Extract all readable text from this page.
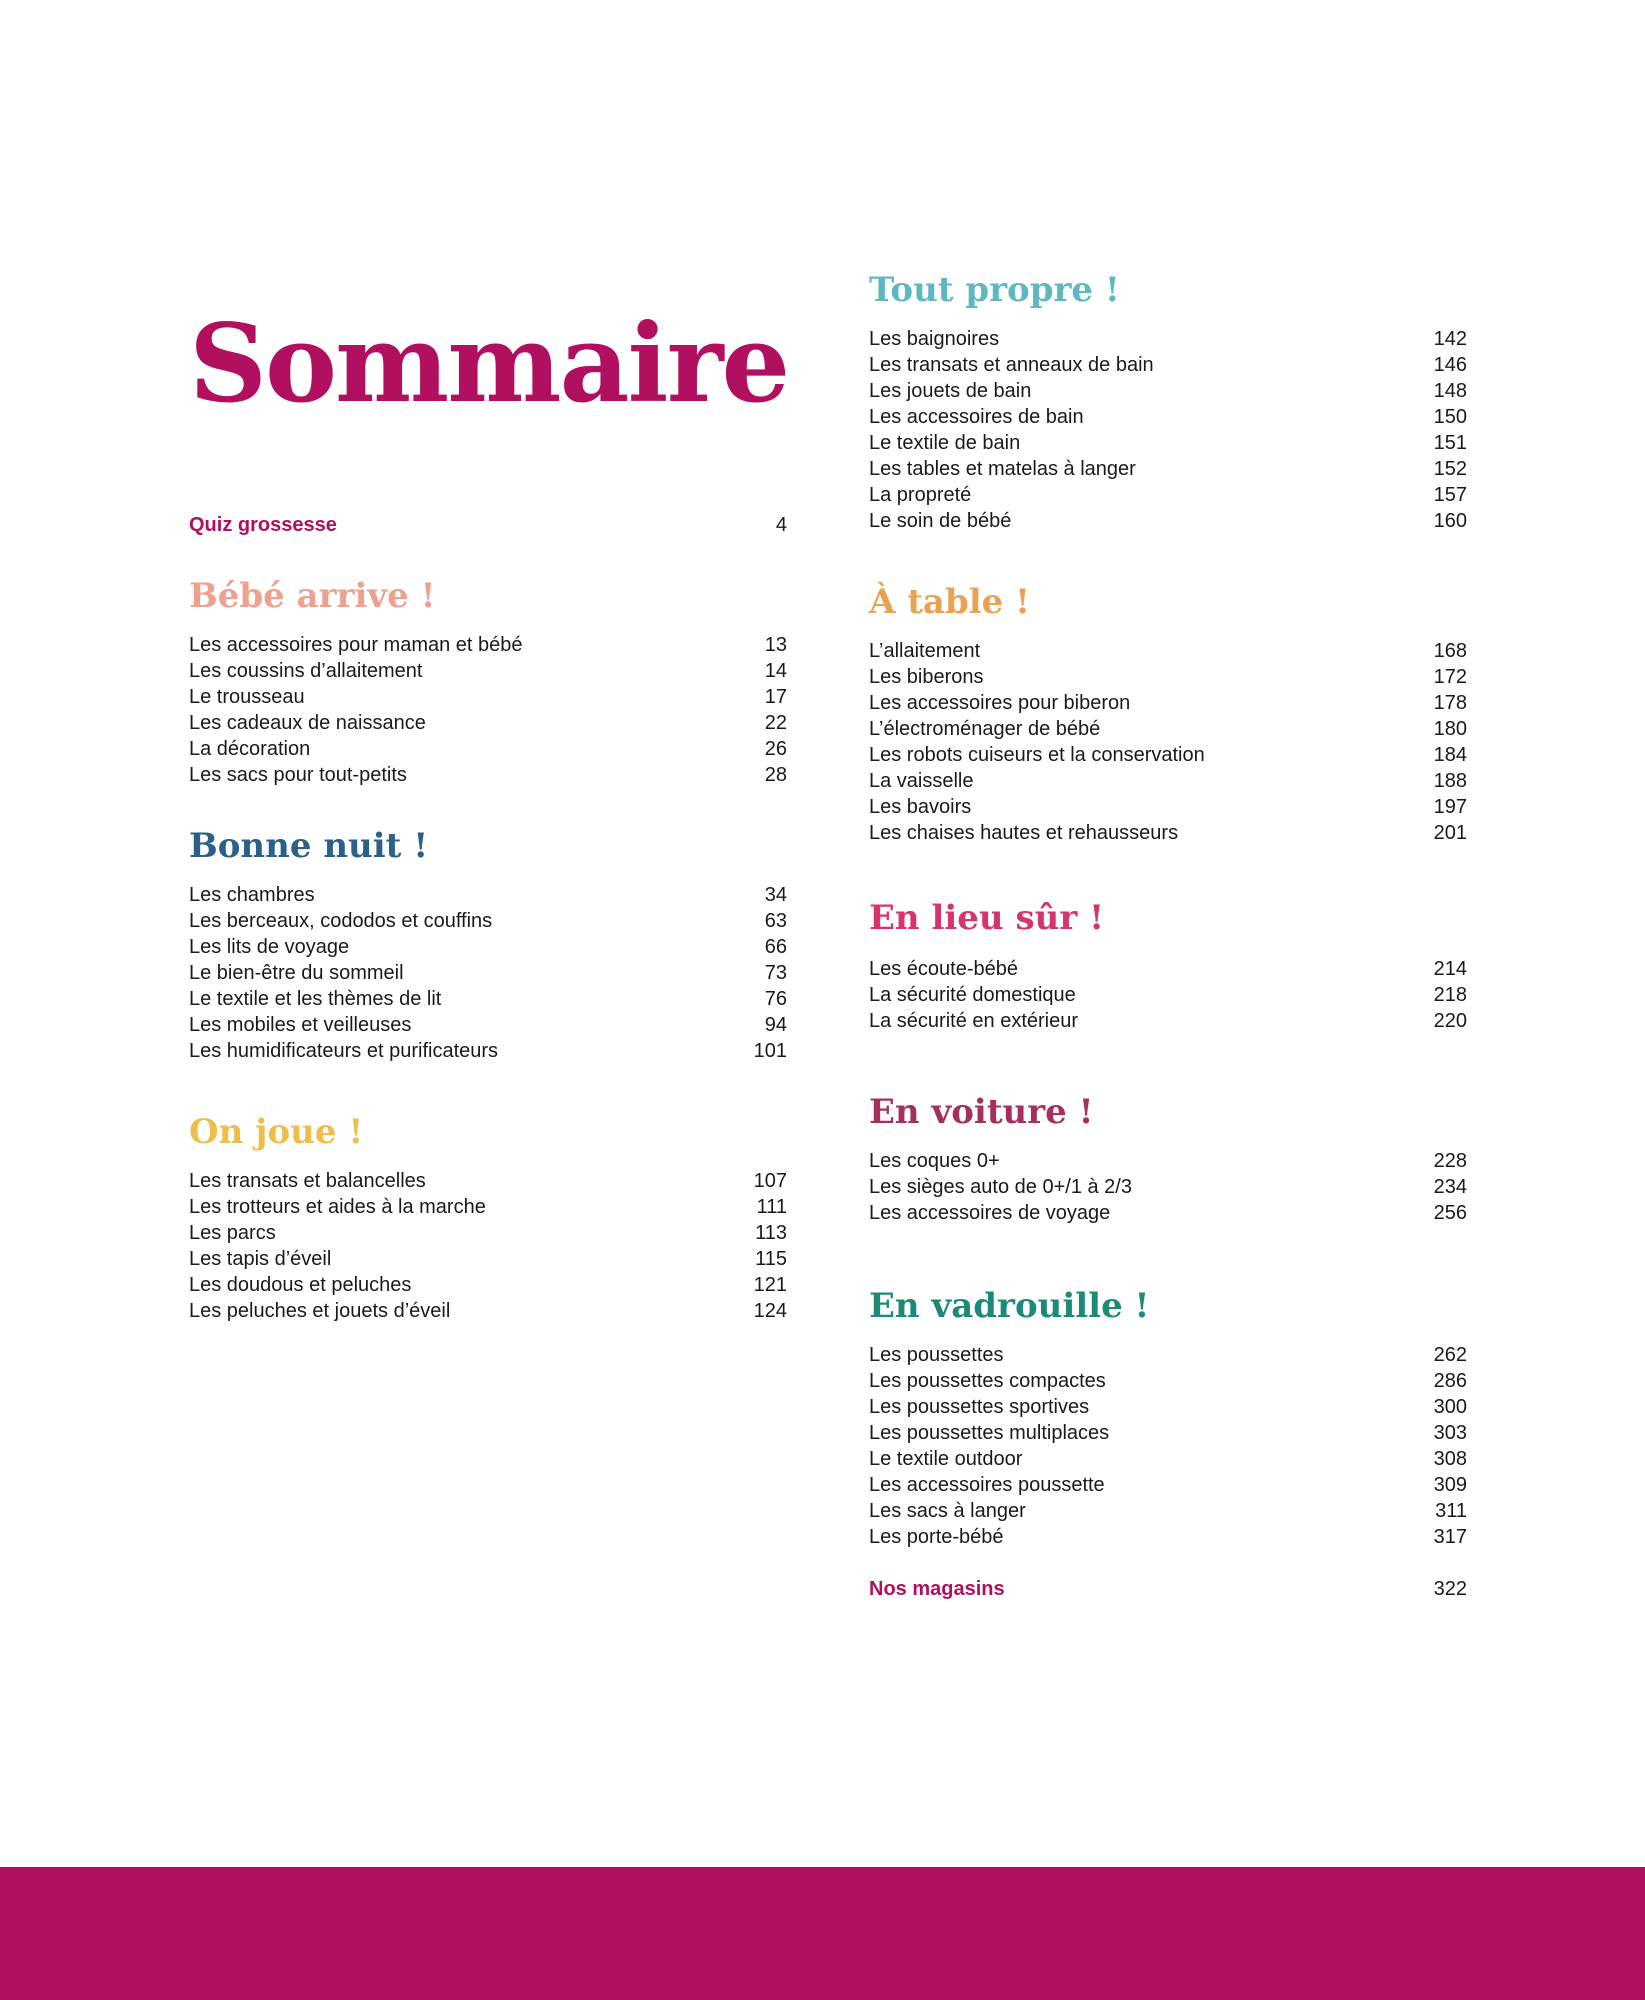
Sommaire
Quiz grossesse	4
Bébé arrive !
Les accessoires pour maman et bébé	13
Les coussins d’allaitement	14
Le trousseau	17
Les cadeaux de naissance	22
La décoration	26
Les sacs pour tout-petits	28
Bonne nuit !
Les chambres	34
Les berceaux, cododos et couffins	63
Les lits de voyage	66
Le bien-être du sommeil	73
Le textile et les thèmes de lit	76
Les mobiles et veilleuses	94
Les humidificateurs et purificateurs	101
On joue !
Les transats et balancelles	107
Les trotteurs et aides à la marche	111
Les parcs	113
Les tapis d’éveil	115
Les doudous et peluches	121
Les peluches et jouets d’éveil	124
Tout propre !
Les baignoires	142
Les transats et anneaux de bain	146
Les jouets de bain	148
Les accessoires de bain	150
Le textile de bain	151
Les tables et matelas à langer	152
La propreté	157
Le soin de bébé	160
À table !
L’allaitement	168
Les biberons	172
Les accessoires pour biberon	178
L’électroménager de bébé	180
Les robots cuiseurs et la conservation	184
La vaisselle	188
Les bavoirs	197
Les chaises hautes et rehausseurs	201
En lieu sûr !
Les écoute-bébé	214
La sécurité domestique	218
La sécurité en extérieur	220
En voiture !
Les coques 0+	228
Les sièges auto de 0+/1 à 2/3	234
Les accessoires de voyage	256
En vadrouille !
Les poussettes	262
Les poussettes compactes	286
Les poussettes sportives	300
Les poussettes multiplaces	303
Le textile outdoor	308
Les accessoires poussette	309
Les sacs à langer	311
Les porte-bébé	317
Nos magasins	322
